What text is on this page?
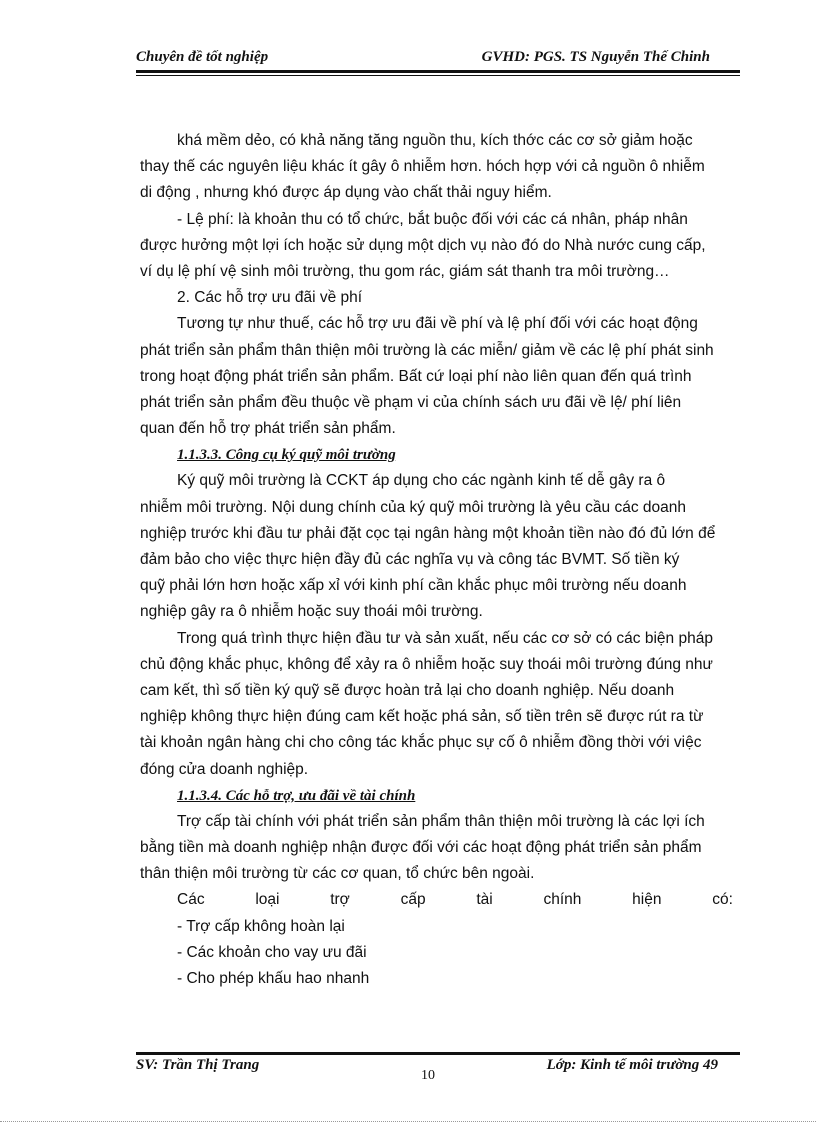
Chuyên đề tốt nghiệp	GVHD: PGS. TS Nguyễn Thế Chinh
khá mềm dẻo, có khả năng tăng nguồn thu, kích thớc các cơ sở giảm hoặc
thay thế các nguyên liệu khác ít gây ô nhiễm hơn. hóch hợp với cả nguồn ô nhiễm
di động , nhưng khó được áp dụng vào chất thải nguy hiểm.
- Lệ phí: là khoản thu có tổ chức, bắt buộc đối với các cá nhân, pháp nhân
được hưởng một lợi ích hoặc sử dụng một dịch vụ nào đó do Nhà nước cung cấp,
ví dụ lệ phí vệ sinh môi trường, thu gom rác, giám sát thanh tra môi trường…
2. Các hỗ trợ ưu đãi về phí
Tương tự như thuế, các hỗ trợ ưu đãi về phí và lệ phí đối với các hoạt động
phát triển sản phẩm thân thiện môi trường là các miễn/ giảm về các lệ phí phát sinh
trong hoạt động phát triển sản phẩm. Bất cứ loại phí nào liên quan đến quá trình
phát triển sản phẩm đều thuộc về phạm vi của chính sách ưu đãi về lệ/ phí liên
quan đến hỗ trợ phát triển sản phẩm.
1.1.3.3. Công cụ ký quỹ môi trường
Ký quỹ môi trường là CCKT áp dụng cho các ngành kinh tế dễ gây ra ô
nhiễm môi trường. Nội dung chính của ký quỹ môi trường là yêu cầu các doanh
nghiệp trước khi đầu tư phải đặt cọc tại ngân hàng một khoản tiền nào đó đủ lớn để
đảm bảo cho việc thực hiện đầy đủ các nghĩa vụ và công tác BVMT. Số tiền ký
quỹ phải lớn hơn hoặc xấp xỉ với kinh phí cần khắc phục môi trường nếu doanh
nghiệp gây ra ô nhiễm hoặc suy thoái môi trường.
Trong quá trình thực hiện đầu tư và sản xuất, nếu các cơ sở có các biện pháp
chủ động khắc phục, không để xảy ra ô nhiễm hoặc suy thoái môi trường đúng như
cam kết, thì số tiền ký quỹ sẽ được hoàn trả lại cho doanh nghiệp. Nếu doanh
nghiệp không thực hiện đúng cam kết hoặc phá sản, số tiền trên sẽ được rút ra từ
tài khoản ngân hàng chi cho công tác khắc phục sự cố ô nhiễm đồng thời với việc
đóng cửa doanh nghiệp.
1.1.3.4. Các hỗ trợ, ưu đãi về tài chính
Trợ cấp tài chính với phát triển sản phẩm thân thiện môi trường là các lợi ích
bằng tiền mà doanh nghiệp nhận được đối với các hoạt động phát triển sản phẩm
thân thiện môi trường từ các cơ quan, tổ chức bên ngoài.
Các	loại	trợ	cấp	tài	chính	hiện	có:
- Trợ cấp không hoàn lại
- Các khoản cho vay ưu đãi
- Cho phép khấu hao nhanh
SV: Trần Thị Trang	Lớp: Kinh tế môi trường 49
10
